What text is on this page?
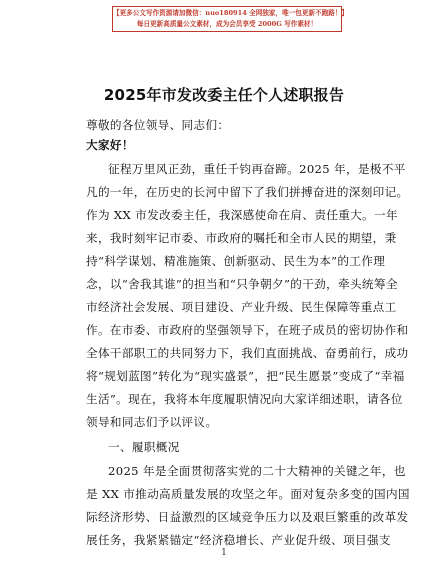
【更多公文写作资源请加微信：nuo180914 全网独家，唯一包更新不跑路！】
每日更新高质量公文素材，成为会员享受 2000G 写作素材！
2025年市发改委主任个人述职报告
尊敬的各位领导、同志们：
大家好！
征程万里风正劲，重任千钧再奋蹄。2025 年，是极不平
凡的一年，在历史的长河中留下了我们拼搏奋进的深刻印记。
作为 XX 市发改委主任，我深感使命在肩、责任重大。一年
来，我时刻牢记市委、市政府的嘱托和全市人民的期望，秉
持“科学谋划、精准施策、创新驱动、民生为本”的工作理
念，以“舍我其谁”的担当和“只争朝夕”的干劲，牵头统筹全
市经济社会发展、项目建设、产业升级、民生保障等重点工
作。在市委、市政府的坚强领导下，在班子成员的密切协作和
全体干部职工的共同努力下，我们直面挑战、奋勇前行，成功
将“规划蓝图”转化为“现实盛景”，把“民生愿景”变成了“幸福
生活”。现在，我将本年度履职情况向大家详细述职，请各位
领导和同志们予以评议。
一、履职概况
2025 年是全面贯彻落实党的二十大精神的关键之年，也
是 XX 市推动高质量发展的攻坚之年。面对复杂多变的国内国
际经济形势、日益激烈的区域竞争压力以及艰巨繁重的改革发
展任务，我紧紧锚定“经济稳增长、产业促升级、项目强支
1
